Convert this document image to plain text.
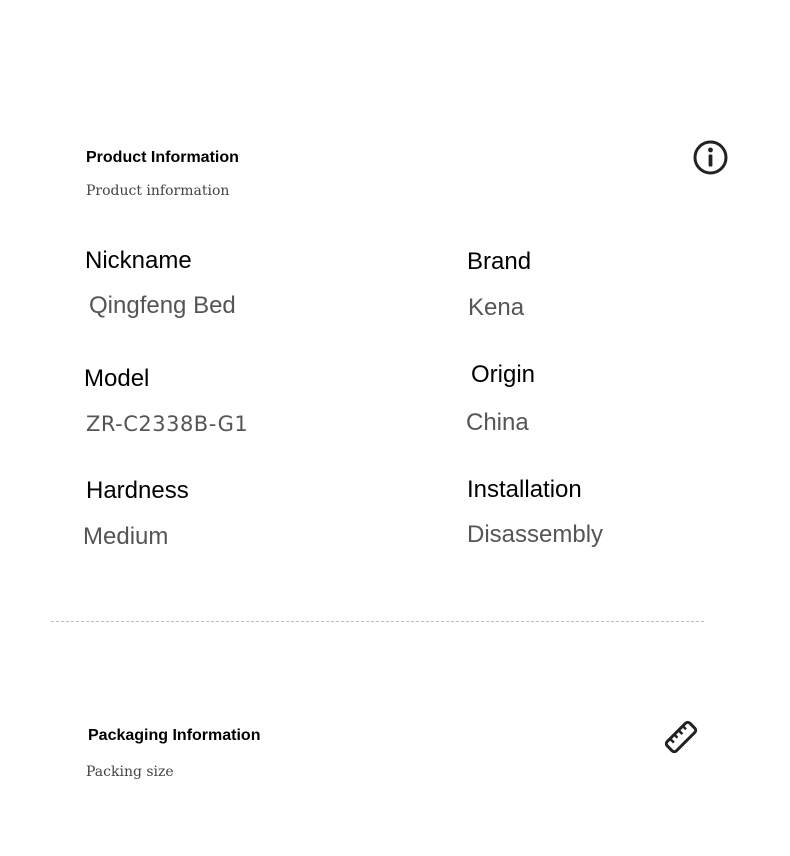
Product Information
Product information
Nickname
Qingfeng Bed
Brand
Kena
Model
ZR-C2338B-G1
Origin
China
Hardness
Medium
Installation
Disassembly
Packaging Information
Packing size
